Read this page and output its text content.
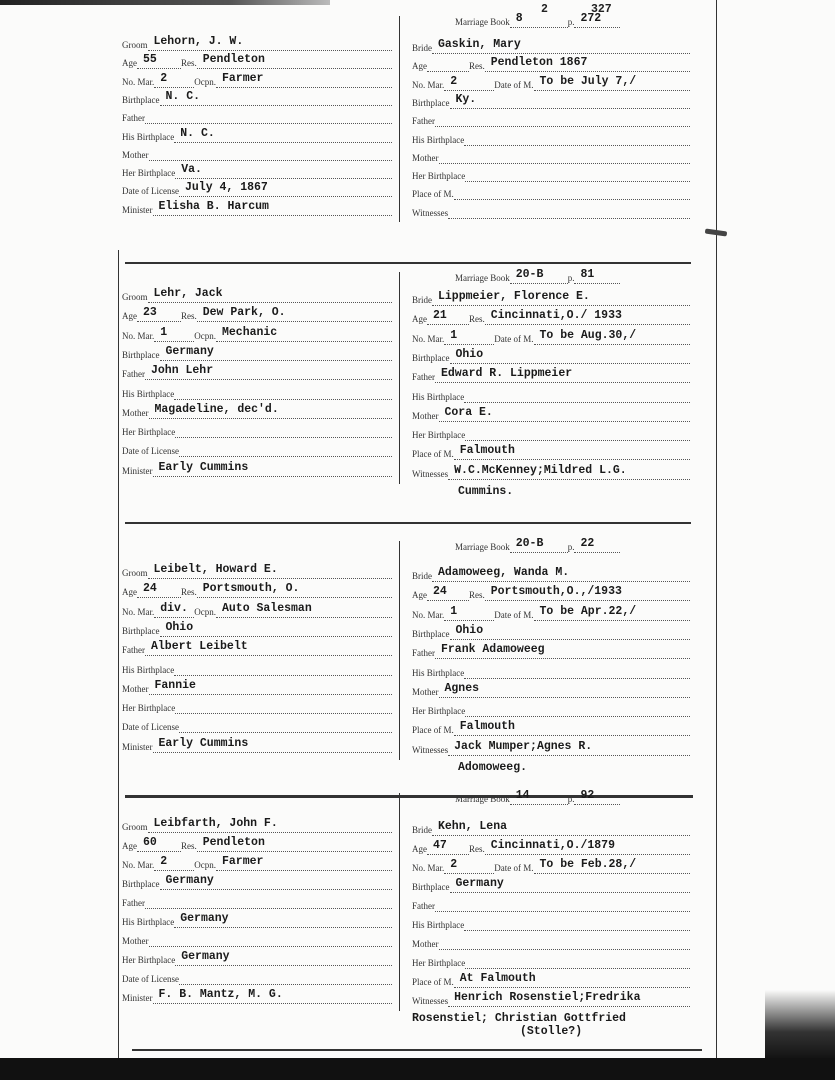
2	327
Marriage Book 8	p. 272
Groom Lehorn, J. W.
Age 55	Res. Pendleton
No. Mar. 2	Ocpn. Farmer
Birthplace N. C.
Father
His Birthplace N. C.
Mother
Her Birthplace Va.
Date of License July 4, 1867
Minister Elisha B. Harcum
Bride Gaskin, Mary
Age	Res. Pendleton 1867
No. Mar. 2	Date of M. To be July 7,/
Birthplace Ky.
Father
His Birthplace
Mother
Her Birthplace
Place of M.
Witnesses
Marriage Book 20-B	p. 81
Groom Lehr, Jack
Age 23	Res. Dew Park, O.
No. Mar. 1	Ocpn. Mechanic
Birthplace Germany
Father John Lehr
His Birthplace
Mother Magadeline, dec'd.
Her Birthplace
Date of License
Minister Early Cummins
Bride Lippmeier, Florence E.
Age 21	Res. Cincinnati,O./ 1933
No. Mar. 1	Date of M. To be Aug.30,/
Birthplace Ohio
Father Edward R. Lippmeier
His Birthplace
Mother Cora E.
Her Birthplace
Place of M. Falmouth
Witnesses W.C.McKenney;Mildred L.G.
Cummins.
Marriage Book 20-B	p. 22
Groom Leibelt, Howard E.
Age 24	Res. Portsmouth, O.
No. Mar. div. Ocpn. Auto Salesman
Birthplace Ohio
Father Albert Leibelt
His Birthplace
Mother Fannie
Her Birthplace
Date of License
Minister Early Cummins
Bride Adamoweeg, Wanda M.
Age 24	Res. Portsmouth,O.,/1933
No. Mar. 1	Date of M. To be Apr.22,/
Birthplace Ohio
Father Frank Adamoweeg
His Birthplace
Mother Agnes
Her Birthplace
Place of M. Falmouth
Witnesses Jack Mumper;Agnes R.
Adomoweeg.
Marriage Book 14	p. 92
Groom Leibfarth, John F.
Age 60	Res. Pendleton
No. Mar. 2	Ocpn. Farmer
Birthplace Germany
Father
His Birthplace Germany
Mother
Her Birthplace Germany
Date of License
Minister F. B. Mantz, M. G.
Bride Kehn, Lena
Age 47	Res. Cincinnati,O./1879
No. Mar. 2	Date of M. To be Feb.28,/
Birthplace Germany
Father
His Birthplace
Mother
Her Birthplace
Place of M. At Falmouth
Witnesses Henrich Rosenstiel;Fredrika
Rosenstiel; Christian Gottfried
(Stolle?)
